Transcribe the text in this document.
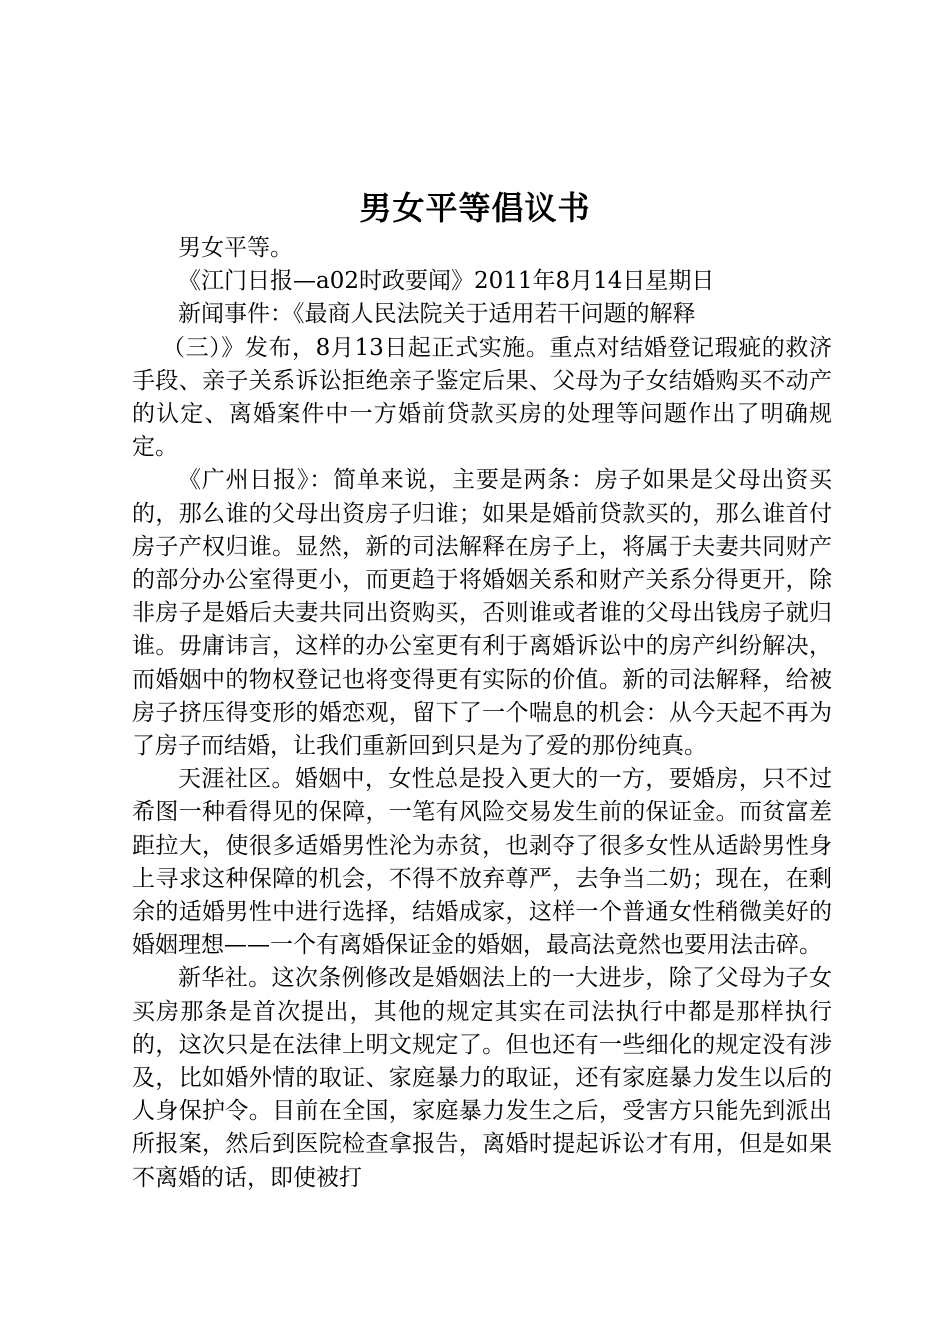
男女平等倡议书

男女平等。

《江门日报—a02时政要闻》2011年8月14日星期日

新闻事件：《最商人民法院关于适用若干问题的解释

（三）》发布，8月13日起正式实施。重点对结婚登记瑕疵的救济手段、亲子关系诉讼拒绝亲子鉴定后果、父母为子女结婚购买不动产的认定、离婚案件中一方婚前贷款买房的处理等问题作出了明确规定。

《广州日报》：简单来说，主要是两条：房子如果是父母出资买的，那么谁的父母出资房子归谁；如果是婚前贷款买的，那么谁首付房子产权归谁。显然，新的司法解释在房子上，将属于夫妻共同财产的部分办公室得更小，而更趋于将婚姻关系和财产关系分得更开，除非房子是婚后夫妻共同出资购买，否则谁或者谁的父母出钱房子就归谁。毋庸讳言，这样的办公室更有利于离婚诉讼中的房产纠纷解决，而婚姻中的物权登记也将变得更有实际的价值。新的司法解释，给被房子挤压得变形的婚恋观，留下了一个喘息的机会：从今天起不再为了房子而结婚，让我们重新回到只是为了爱的那份纯真。

天涯社区。婚姻中，女性总是投入更大的一方，要婚房，只不过希图一种看得见的保障，一笔有风险交易发生前的保证金。而贫富差距拉大，使很多适婚男性沦为赤贫，也剥夺了很多女性从适龄男性身上寻求这种保障的机会，不得不放弃尊严，去争当二奶；现在，在剩余的适婚男性中进行选择，结婚成家，这样一个普通女性稍微美好的婚姻理想——一个有离婚保证金的婚姻，最高法竟然也要用法击碎。

新华社。这次条例修改是婚姻法上的一大进步，除了父母为子女买房那条是首次提出，其他的规定其实在司法执行中都是那样执行的，这次只是在法律上明文规定了。但也还有一些细化的规定没有涉及，比如婚外情的取证、家庭暴力的取证，还有家庭暴力发生以后的人身保护令。目前在全国，家庭暴力发生之后，受害方只能先到派出所报案，然后到医院检查拿报告，离婚时提起诉讼才有用，但是如果不离婚的话，即使被打
